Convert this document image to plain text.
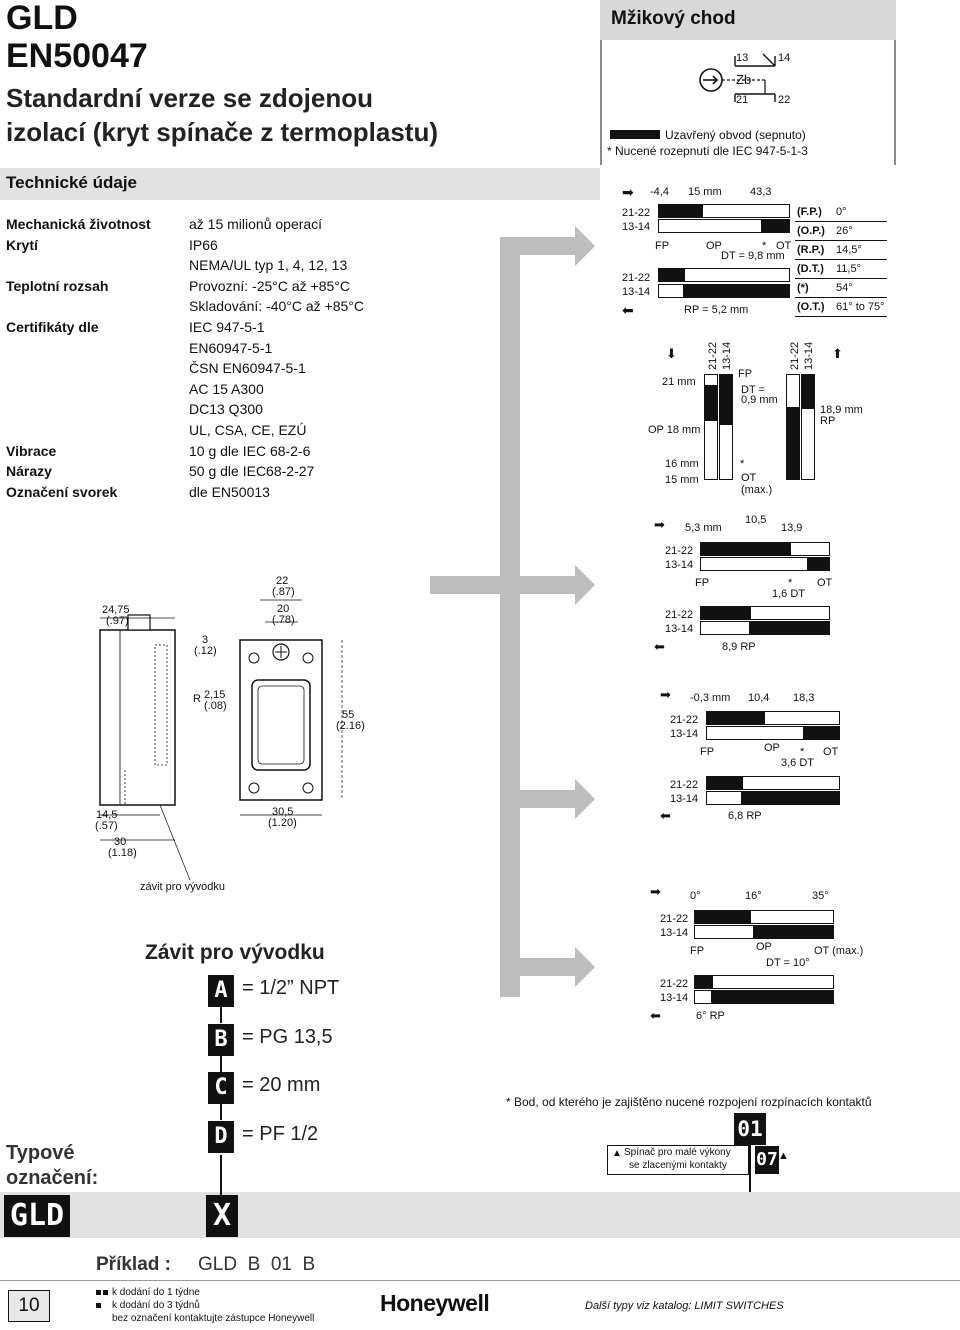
GLD
EN50047
Standardní verze se zdojenou
izolací (kryt spínače z termoplastu)
Technické údaje
Mechanická životnost	až 15 milionů operací
Krytí	IP66
NEMA/UL typ 1, 4, 12, 13
Teplotní rozsah	Provozní: -25°C až +85°C
Skladování: -40°C až +85°C
Certifikáty dle	IEC 947-5-1
EN60947-5-1
ČSN EN60947-5-1
AC 15 A300
DC13 Q300
UL, CSA, CE, EZÚ
Vibrace	10 g dle IEC 68-2-6
Nárazy	50 g dle IEC68-2-27
Označení svorek	dle EN50013
Mžikový chod
13	14
Zb
21	22
Uzavřený obvod (sepnuto)
* Nucené rozepnutí dle IEC 947-5-1-3
➡ -4,4 15 mm	43,3
21-22
13-14
FP	OP	* OT
DT = 9,8 mm
21-22
13-14
⬅	RP = 5,2 mm
(F.P.) 0°
(O.P.) 26°
(R.P.) 14,5°
(D.T.) 11,5°
(*) 54°
(O.T.) 61° to 75°
⬇	21-22 13-14
21 mm
OP 18 mm
16 mm
15 mm
FP
DT =
0,9 mm
*
OT
(max.)
21-22 13-14 ⬆
18,9 mm
RP
➡ 5,3 mm
10,5
13,9
21-22
13-14
FP	* OT
1,6 DT
21-22
13-14
⬅	8,9 RP
➡ -0,3 mm 10,4 18,3
21-22
13-14
FP	OP * OT
3,6 DT
21-22
13-14
⬅	6,8 RP
➡	0°	16°	35°
21-22
13-14
FP	OP	OT (max.)
DT = 10°
21-22
13-14
⬅	6° RP
24,75
(.97)
22
(.87)
20
(.78)
3
(.12)
R 2,15
(.08)
55
(2.16)
14,5
(.57)
30
(1.18)
30,5
(1.20)
závit pro vývodku
Závit pro vývodku
A = 1/2” NPT
B = PG 13,5
C = 20 mm
D = PF 1/2
* Bod, od kterého je zajištěno nucené rozpojení rozpínacích kontaktů
Typové
označení:
GLD	X
01
▲ Spínač pro malé výkony
se zlacenými kontakty 07 ▲
Příklad : GLD  B  01  B
10
k dodání do 1 týdne
k dodání do 3 týdnů
bez označení kontaktujte zástupce Honeywell
Honeywell	Další typy viz katalog: LIMIT SWITCHES
